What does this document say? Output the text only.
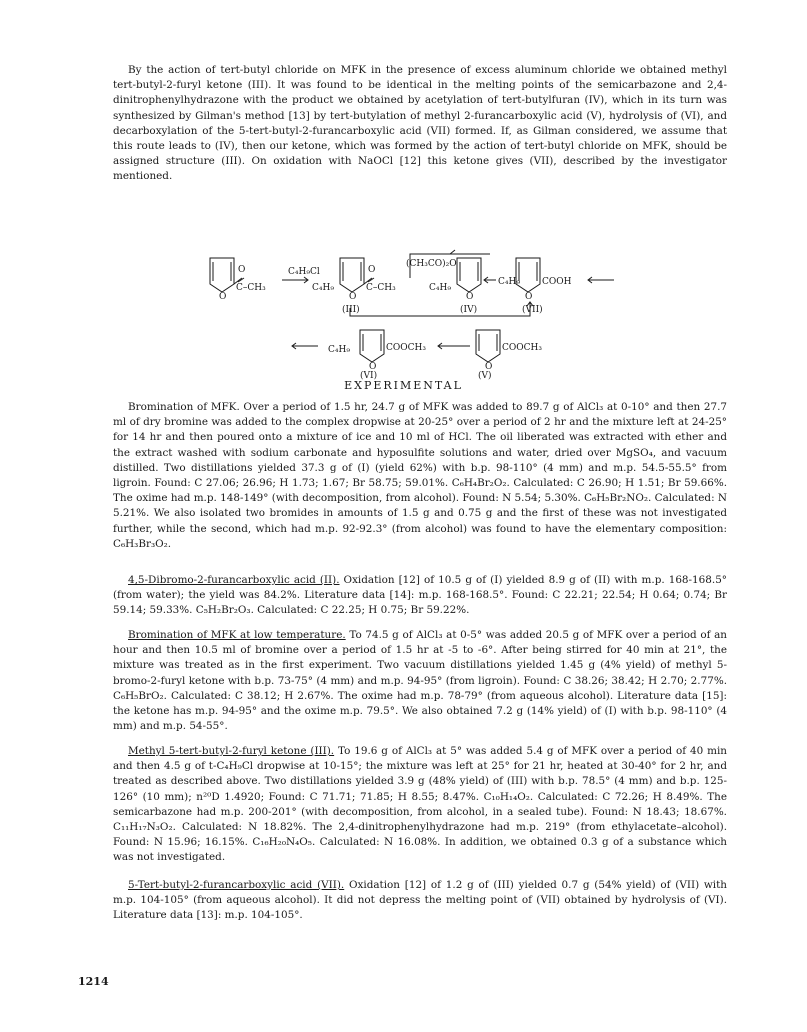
By the action of tert-butyl chloride on MFK in the presence of excess aluminum chloride we obtained methyl tert-butyl-2-furyl ketone (III). It was found to be identical in the melting points of the semicarbazone and 2,4-dinitrophenylhydrazone with the product we obtained by acetylation of tert-butylfuran (IV), which in its turn was synthesized by Gilman's method [13] by tert-butylation of methyl 2-furancarboxylic acid (V), hydrolysis of (VI), and decarboxylation of the 5-tert-butyl-2-furancarboxylic acid (VII) formed. If, as Gilman considered, we assume that this route leads to (IV), then our ketone, which was formed by the action of tert-butyl chloride on MFK, should be assigned structure (III). On oxidation with NaOCl [12] this ketone gives (VII), described by the investigator mentioned.

C₄H₉Cl
(CH₃CO)₂O
O
O
C–CH₃	C₄H₉
O
O
C–CH₃
(III)
C₄H₉
O
(IV)
C₄H₉
O
COOH
(VII)
C₄H₉
O
COOCH₃
(VI)
O
COOCH₃
(V)
EXPERIMENTAL

Bromination of MFK. Over a period of 1.5 hr, 24.7 g of MFK was added to 89.7 g of AlCl₃ at 0-10° and then 27.7 ml of dry bromine was added to the complex dropwise at 20-25° over a period of 2 hr and the mixture left at 24-25° for 14 hr and then poured onto a mixture of ice and 10 ml of HCl. The oil liberated was extracted with ether and the extract washed with sodium carbonate and hyposulfite solutions and water, dried over MgSO₄, and vacuum distilled. Two distillations yielded 37.3 g of (I) (yield 62%) with b.p. 98-110° (4 mm) and m.p. 54.5-55.5° from ligroin. Found: C 27.06; 26.96; H 1.73; 1.67; Br 58.75; 59.01%. C₆H₄Br₂O₂. Calculated: C 26.90; H 1.51; Br 59.66%. The oxime had m.p. 148-149° (with decomposition, from alcohol). Found: N 5.54; 5.30%. C₆H₅Br₂NO₂. Calculated: N 5.21%. We also isolated two bromides in amounts of 1.5 g and 0.75 g and the first of these was not investigated further, while the second, which had m.p. 92-92.3° (from alcohol) was found to have the elementary composition: C₆H₃Br₃O₂.

4,5-Dibromo-2-furancarboxylic acid (II). Oxidation [12] of 10.5 g of (I) yielded 8.9 g of (II) with m.p. 168-168.5° (from water); the yield was 84.2%. Literature data [14]: m.p. 168-168.5°. Found: C 22.21; 22.54; H 0.64; 0.74; Br 59.14; 59.33%. C₅H₂Br₂O₃. Calculated: C 22.25; H 0.75; Br 59.22%.

Bromination of MFK at low temperature. To 74.5 g of AlCl₃ at 0-5° was added 20.5 g of MFK over a period of an hour and then 10.5 ml of bromine over a period of 1.5 hr at -5 to -6°. After being stirred for 40 min at 21°, the mixture was treated as in the first experiment. Two vacuum distillations yielded 1.45 g (4% yield) of methyl 5-bromo-2-furyl ketone with b.p. 73-75° (4 mm) and m.p. 94-95° (from ligroin). Found: C 38.26; 38.42; H 2.70; 2.77%. C₆H₅BrO₂. Calculated: C 38.12; H 2.67%. The oxime had m.p. 78-79° (from aqueous alcohol). Literature data [15]: the ketone has m.p. 94-95° and the oxime m.p. 79.5°. We also obtained 7.2 g (14% yield) of (I) with b.p. 98-110° (4 mm) and m.p. 54-55°.

Methyl 5-tert-butyl-2-furyl ketone (III). To 19.6 g of AlCl₃ at 5° was added 5.4 g of MFK over a period of 40 min and then 4.5 g of t-C₄H₉Cl dropwise at 10-15°; the mixture was left at 25° for 21 hr, heated at 30-40° for 2 hr, and treated as described above. Two distillations yielded 3.9 g (48% yield) of (III) with b.p. 78.5° (4 mm) and b.p. 125-126° (10 mm); n²⁰D 1.4920; Found: C 71.71; 71.85; H 8.55; 8.47%. C₁₀H₁₄O₂. Calculated: C 72.26; H 8.49%. The semicarbazone had m.p. 200-201° (with decomposition, from alcohol, in a sealed tube). Found: N 18.43; 18.67%. C₁₁H₁₇N₃O₂. Calculated: N 18.82%. The 2,4-dinitrophenylhydrazone had m.p. 219° (from ethylacetate–alcohol). Found: N 15.96; 16.15%. C₁₆H₂₀N₄O₅. Calculated: N 16.08%. In addition, we obtained 0.3 g of a substance which was not investigated.

5-Tert-butyl-2-furancarboxylic acid (VII). Oxidation [12] of 1.2 g of (III) yielded 0.7 g (54% yield) of (VII) with m.p. 104-105° (from aqueous alcohol). It did not depress the melting point of (VII) obtained by hydrolysis of (VI). Literature data [13]: m.p. 104-105°.

1214
